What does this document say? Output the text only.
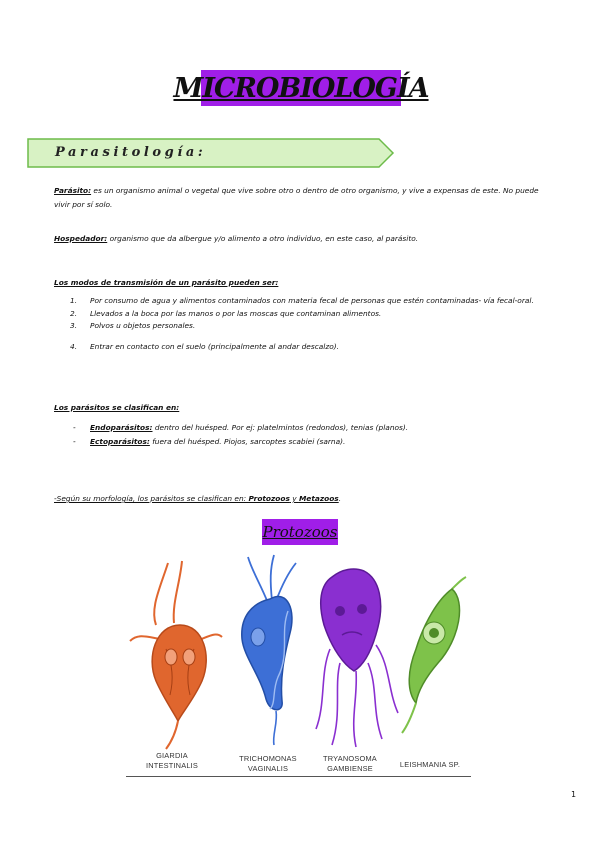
MICROBIOLOGÍA
Parasitología:
Parásito: es un organismo animal o vegetal que vive sobre otro o dentro de otro organismo, y vive a expensas de este. No puede vivir por sí solo.
Hospedador: organismo que da albergue y/o alimento a otro individuo, en este caso, al parásito.
Los modos de transmisión de un parásito pueden ser:
1. Por consumo de agua y alimentos contaminados con materia fecal de personas que estén contaminadas- vía fecal-oral.
2. Llevados a la boca por las manos o por las moscas que contaminan alimentos.
3. Polvos u objetos personales.
4. Entrar en contacto con el suelo (principalmente al andar descalzo).
Los parásitos se clasifican en:
- Endoparásitos: dentro del huésped. Por ej: platelmintos (redondos), tenias (planos).
- Ectoparásitos: fuera del huésped. Piojos, sarcoptes scabiei (sarna).
-Según su morfología, los parásitos se clasifican en: Protozoos y Metazoos.
Protozoos
GIARDIA
INTESTINALIS
TRICHOMONAS
VAGINALIS
TRYANOSOMA
GAMBIENSE	LEISHMANIA SP.
1
